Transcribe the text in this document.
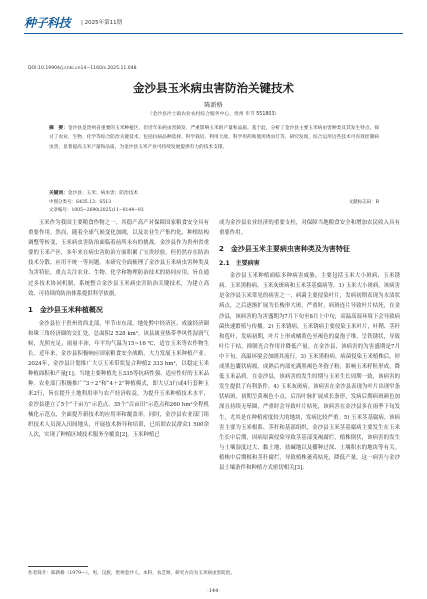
种子科技 | 2025年第11期
DOI:10.19904/j.cnki.cn14−1160/s.2025.11.048
金沙县玉米病虫害防治关键技术
陈新格
（金沙县沙土镇农业农村综合服务中心，贵州 毕节 551803）
摘　要：金沙县是贵州省重要的玉米种植区，但近年来病虫害频发，严重影响玉米的产量和品质。基于此，分析了金沙县主要玉米病虫害种类及其发生特点，探讨了农业、生物、化学等综合防治关键技术，包括抗病品种选择、科学栽培、利用天敌、科学用药和使用诱虫灯等，研究发现，综合运用这些技术可有效控制病虫害，显著提高玉米产量和品质，为金沙县玉米产业可持续发展提供有力的技术支撑。
关键词：金沙县；玉米；病虫害；防治技术
中图分类号：S435.13；S513	文献标志码：B
文章编号：1005−2690(2025)11−0144−03

玉米作为我国主要粮食作物之一，其稳产高产对保障国家粮食安全具有重要作用。然而，随着全球气候变化加剧，以及农业生产集约化、种植结构调整等转变，玉米病虫害防治面临着前所未有的挑战。金沙县作为贵州省重要的玉米产区，多年来在病虫害防治方面积累了宝贵经验，但仍然存在防治技术分散、应用不统一等问题。本研究全面梳理了金沙县玉米病虫害种类及为害特征，重点关注农业、生物、化学和物理防治技术的协同应用，旨在通过多技术协同机制，系统整合金沙县玉米病虫害防治关键技术，为建立高效、可持续的防治体系提供科学依据。

1　金沙县玉米种植概况

金沙县位于贵州省西北部，毕节市东部，地处黔中经济区、成渝经济圈和珠三角经济圈的交汇处，总面积2 528 km²。该县属亚热带季风性湿润气候，光照充足，雨量丰沛，年平均气温为15~16 ℃，适宜玉米等农作物生长。近年来，金沙县积极响应国家粮食安全战略，大力发展玉米种植产业。2024年，金沙县计划推广大豆玉米带状复合种植2 333 hm²，以稳定玉米种植面积和产量[1]。当地主要种植先玉335等抗病性强、适应性好的玉米品种。农业部门积极推广“3＋2”和“4＋2”种植模式，即大豆3行或4行套种玉米2行，旨在提升土地利用率与农产经济收益，为提升玉米种植技术水平，金沙县建立了5个“千亩方”示范点、35个“百亩田”示范点和260 hm²全程机械化示范点，全面提升新技术的应用率和覆盖率。同时，金沙县农业部门组织技术人员深入田间地头，开展技术指导和培训，已培训农民群众1 500余人次，实现了种植区域技术服务全覆盖[2]。玉米种植已

成为金沙县农业经济的重要支柱，对保障当地粮食安全和增加农民收入具有重要作用。

2　金沙县玉米主要病虫害种类及为害特征
2.1　主要病害

金沙县玉米种植面临多种病害威胁，主要包括玉米大小斑病、玉米锈病、玉米黑粉病、玉米灰斑病和玉米茎基腐病等。1) 玉米大小斑病。该病害是金沙县玉米常见的病害之一，病菌主要侵染叶片，发病初期表现为水渍状病点，之后逐渐扩展为长梭形大斑，严重时，病斑连片导致叶片枯死，在金沙县，该病害的为害盛期为7月下旬至8月上中旬，高温高湿环境下会导致病菌快速繁殖与传播。2) 玉米锈病。玉米锈病主要侵染玉米叶片，叶鞘、茎秆和苞叶，发病初期，叶片上形成橘黄色至褐色的夏孢子堆，呈铁锈状，导致叶片干枯，抑制光合作用并降低产量。在金沙县，该病害的为害盛期是7月中下旬，高温环境会加剧其流行。3) 玉米黑粉病。病菌侵染玉米植株后，形成黑色囊状病瘤，成熟后内部充满黑褐色冬孢子粉，影响玉米籽粒形成，降低玉米品质。在金沙县，该病害的发生时期与玉米生长周期一致，该病害的发生提供了有利条件。4) 玉米灰斑病。该病害在金沙县表现为叶片出现窄条状病斑，初期呈黄褐色小点，后沿叶脉扩展成长条形，发病后期病斑颜色加深且持续无晕圈，严重时会导致叶片枯死，该病害在金沙县多在雨季下旬发生，尤其是在种植密度较大的地块，发病比较严重。5) 玉米茎基腐病。该病害主要为玉米根系、茎秆和基部组织，金沙县玉米茎基腐病主要发生在玉米生长中后期，因病原菌侵染导致茎基部变褐腐烂，植株倒伏，该病害的发生与土壤湿度过大、黏土地、盐碱地以及播种过深、土壤积水的地块等有关。植株中后期根和茎秆腐烂，导致植株萎蔫枯死，降低产量。这一病害与金沙县土壤条件和种植方式密切相关[3]。

作者简介：陈新格（1979—），男，汉族，贵州金沙人，本科，农艺师，研究方向为玉米病虫害防治。
·144·
